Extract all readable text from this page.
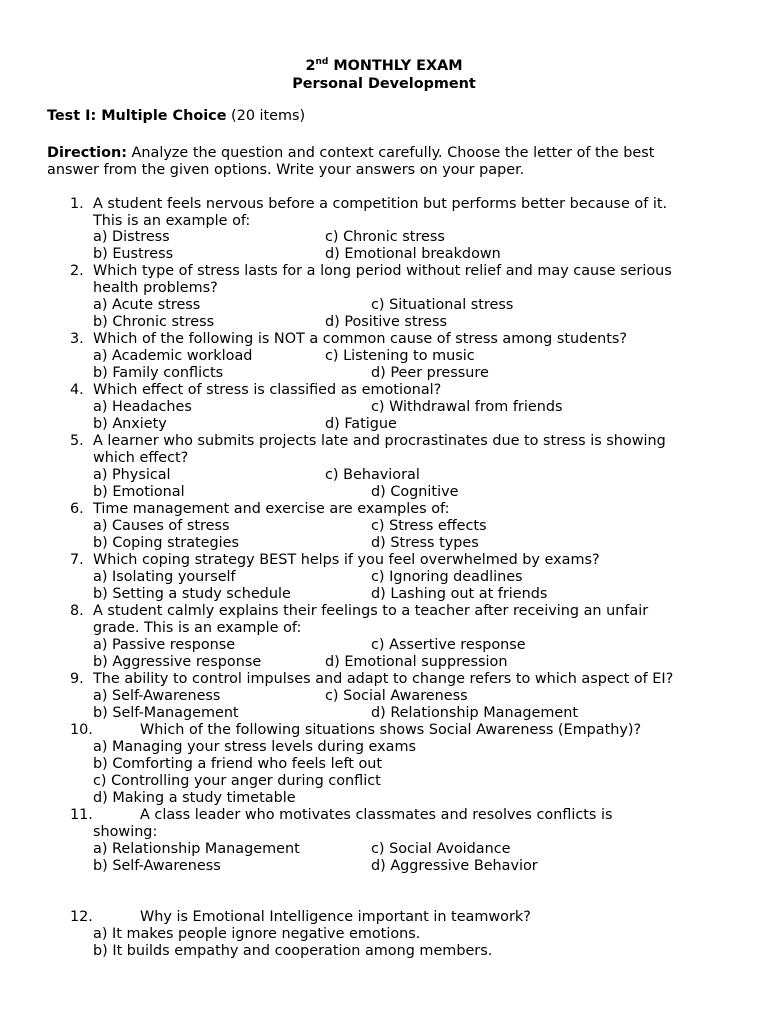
2nd MONTHLY EXAM
Personal Development
Test I: Multiple Choice (20 items)
Direction: Analyze the question and context carefully. Choose the letter of the best
answer from the given options. Write your answers on your paper.
1. A student feels nervous before a competition but performs better because of it.
This is an example of:
a) Distress	c) Chronic stress
b) Eustress	d) Emotional breakdown
2. Which type of stress lasts for a long period without relief and may cause serious
health problems?
a) Acute stress	c) Situational stress
b) Chronic stress	d) Positive stress
3. Which of the following is NOT a common cause of stress among students?
a) Academic workload	c) Listening to music
b) Family conflicts	d) Peer pressure
4. Which effect of stress is classified as emotional?
a) Headaches	c) Withdrawal from friends
b) Anxiety	d) Fatigue
5. A learner who submits projects late and procrastinates due to stress is showing
which effect?
a) Physical	c) Behavioral
b) Emotional	d) Cognitive
6. Time management and exercise are examples of:
a) Causes of stress	c) Stress effects
b) Coping strategies	d) Stress types
7. Which coping strategy BEST helps if you feel overwhelmed by exams?
a) Isolating yourself	c) Ignoring deadlines
b) Setting a study schedule	d) Lashing out at friends
8. A student calmly explains their feelings to a teacher after receiving an unfair
grade. This is an example of:
a) Passive response	c) Assertive response
b) Aggressive response	d) Emotional suppression
9. The ability to control impulses and adapt to change refers to which aspect of EI?
a) Self-Awareness	c) Social Awareness
b) Self-Management	d) Relationship Management
10.	Which of the following situations shows Social Awareness (Empathy)?
a) Managing your stress levels during exams
b) Comforting a friend who feels left out
c) Controlling your anger during conflict
d) Making a study timetable
11.	A class leader who motivates classmates and resolves conflicts is
showing:
a) Relationship Management	c) Social Avoidance
b) Self-Awareness	d) Aggressive Behavior
12.	Why is Emotional Intelligence important in teamwork?
a) It makes people ignore negative emotions.
b) It builds empathy and cooperation among members.
